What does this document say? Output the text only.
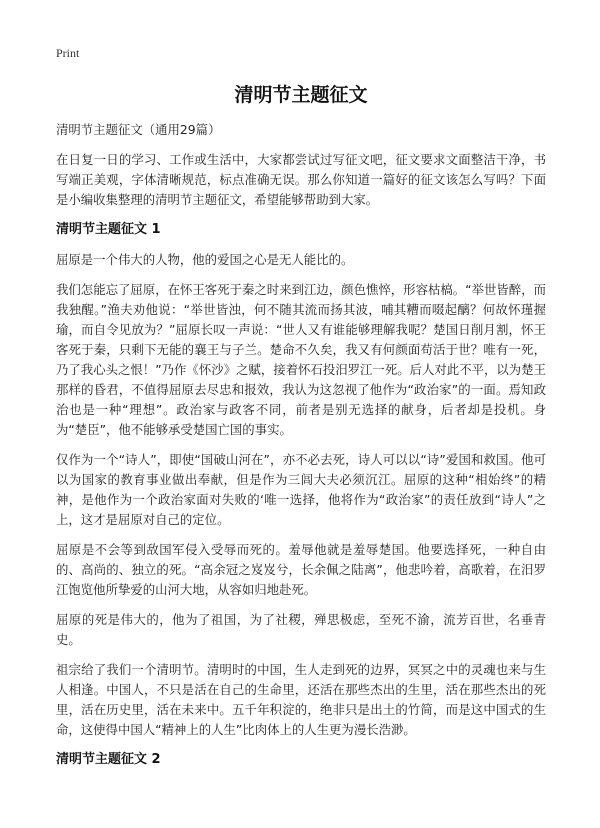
Print
清明节主题征文

清明节主题征文（通用29篇）

在日复一日的学习、工作或生活中，大家都尝试过写征文吧，征文要求文面整洁干净，书写端正美观，字体清晰规范，标点准确无误。那么你知道一篇好的征文该怎么写吗？下面是小编收集整理的清明节主题征文，希望能够帮助到大家。

清明节主题征文 1

屈原是一个伟大的人物，他的爱国之心是无人能比的。

我们怎能忘了屈原，在怀王客死于秦之时来到江边，颜色憔悴，形容枯槁。“举世皆醉，而我独醒。”渔夫劝他说：“举世皆浊，何不随其流而扬其波，哺其糟而啜起醨？何故怀瑾握瑜，而自令见放为？”屈原长叹一声说：“世人又有谁能够理解我呢？楚国日削月割，怀王客死于秦，只剩下无能的襄王与子兰。楚命不久矣，我又有何颜面苟活于世？唯有一死，乃了我心头之恨！”乃作《怀沙》之赋，接着怀石投汨罗江一死。后人对此不平，以为楚王那样的昏君，不值得屈原去尽忠和报效，我认为这忽视了他作为“政治家”的一面。焉知政治也是一种“理想”。政治家与政客不同，前者是别无选择的献身，后者却是投机。身为“楚臣”，他不能够承受楚国亡国的事实。

仅作为一个“诗人”，即使“国破山河在”，亦不必去死，诗人可以以“诗”爱国和救国。他可以为国家的教育事业做出奉献，但是作为三闾大夫必须沉江。屈原的这种“相始终”的精神，是他作为一个政治家面对失败的‘唯一选择，他将作为“政治家”的责任放到“诗人”之上，这才是屈原对自己的定位。

屈原是不会等到敌国军侵入受辱而死的。羞辱他就是羞辱楚国。他要选择死，一种自由的、高尚的、独立的死。“高余冠之岌岌兮，长余佩之陆离”，他悲吟着，高歌着，在汨罗江饱览他所挚爱的山河大地，从容如归地赴死。

屈原的死是伟大的，他为了祖国，为了社稷，殚思极虑，至死不渝，流芳百世，名垂青史。

祖宗给了我们一个清明节。清明时的中国，生人走到死的边界，冥冥之中的灵魂也来与生人相逢。中国人，不只是活在自己的生命里，还活在那些杰出的生里，活在那些杰出的死里，活在历史里，活在未来中。五千年积淀的，绝非只是出土的竹简，而是这中国式的生命，这使得中国人“精神上的人生”比肉体上的人生更为漫长浩渺。

清明节主题征文 2
